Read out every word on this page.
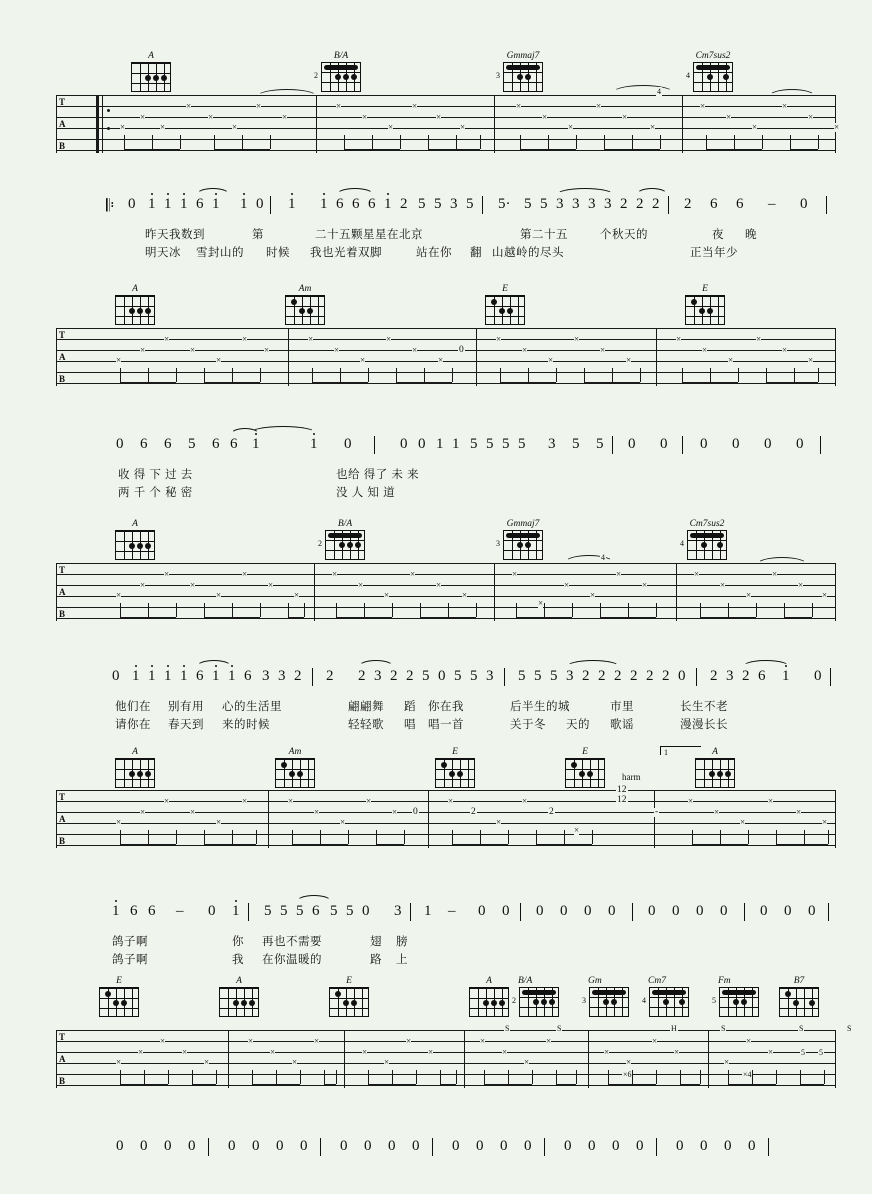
A	B/A
2
Gmmaj7
3
Cm7sus2
4
T
A
B
×
×
×
×
×
×
×
×
×
×
×
×
×
×
×
×
×
×
×
×
×
×
×
×
×
×
4
𝄆 0 1 1 1 6 1 1 0 1 1 6 6 6 1 2 5 5 3 5 5· 5 5 3 3 3 3 2 2 2 2 6 6 – 0
昨天我数到	第	二十五颗星星在北京	第二十五	个秋天的	夜 晚
明天冰 雪封山的 时候 我也光着双脚	站在你 翻 山越岭的尽头	正当年少
A	Am	E	E
T
A
B
×
×
×
×
×
×
×
×
×
×
×
×
×
0
×
×
×
×
×
×
×
×
×
×
×
×
0 6 6 5 6 6 1	1 0	0 0 1 1 5 5 5 5 3 5 5 0 0 0 0 0 0
收 得 下 过 去	也给 得了 未 来
两 千 个 秘 密	没 人 知 道
A	B/A
2
Gmmaj7
3
Cm7sus2
4
T
A
B
×
×
×
×
×
×
×
×
×
×
×
×
×
×
×
×
×
×
×
×
×
×
×
×
×
×
4
0 1 1 1 1 6 1 1 6 3 3 2 2 2 3 2 2 5 0 5 5 3 5 5 5 3 2 2 2 2 2 2 0 2 3 2 6 1 0
他们在 别有用 心的生活里	翩翩舞 蹈 你在我	后半生的城	市里	长生不老
请你在 春天到 来的时候	轻轻歌 唱 唱一首	关于冬 天的 歌谣	漫漫长长
1
A	Am	E	E	A
harm
T
A
B
×
×
×
×
×
×	×
×
×
×
× 0
×
2
×
×
2
×
12
12
-
×
×
×
×
×
×
1 6 6 – 0 1 5 5 5 6 5 5 0 3 1 – 0 0 0 0 0 0 0 0 0 0 0 0 0
鸽子啊	你 再也不需要	翅 膀
鸽子啊	我 在你温暖的	路 上
E	A	E	A	B/A
2
Gm
3
Cm7
4
Fm
5
B7
T
A
B
×
×
×
×
×
×
×
×
×
×
×
×
×
×
×
×
×
S	S
×
×
×6
×
×
H
×
S
×
×4
×	5 5
S	S
0 0 0 0 0 0 0 0 0 0 0 0 0 0 0 0 0 0 0 0 0 0 0 0
